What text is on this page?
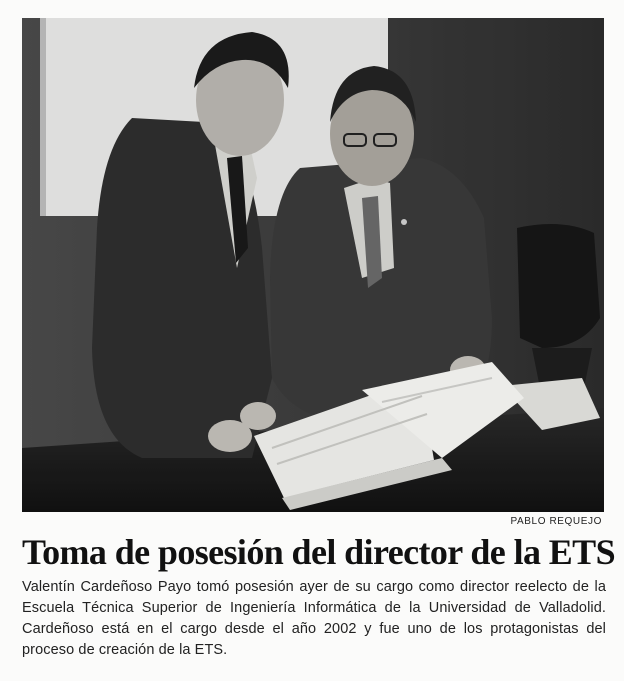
PABLO REQUEJO
Toma de posesión del director de la ETS
Valentín Cardeñoso Payo tomó posesión ayer de su cargo como director reelecto de la Escuela Técnica Superior de Ingeniería Informática de la Universidad de Valladolid. Cardeñoso está en el cargo desde el año 2002 y fue uno de los protagonistas del proceso de creación de la ETS.
